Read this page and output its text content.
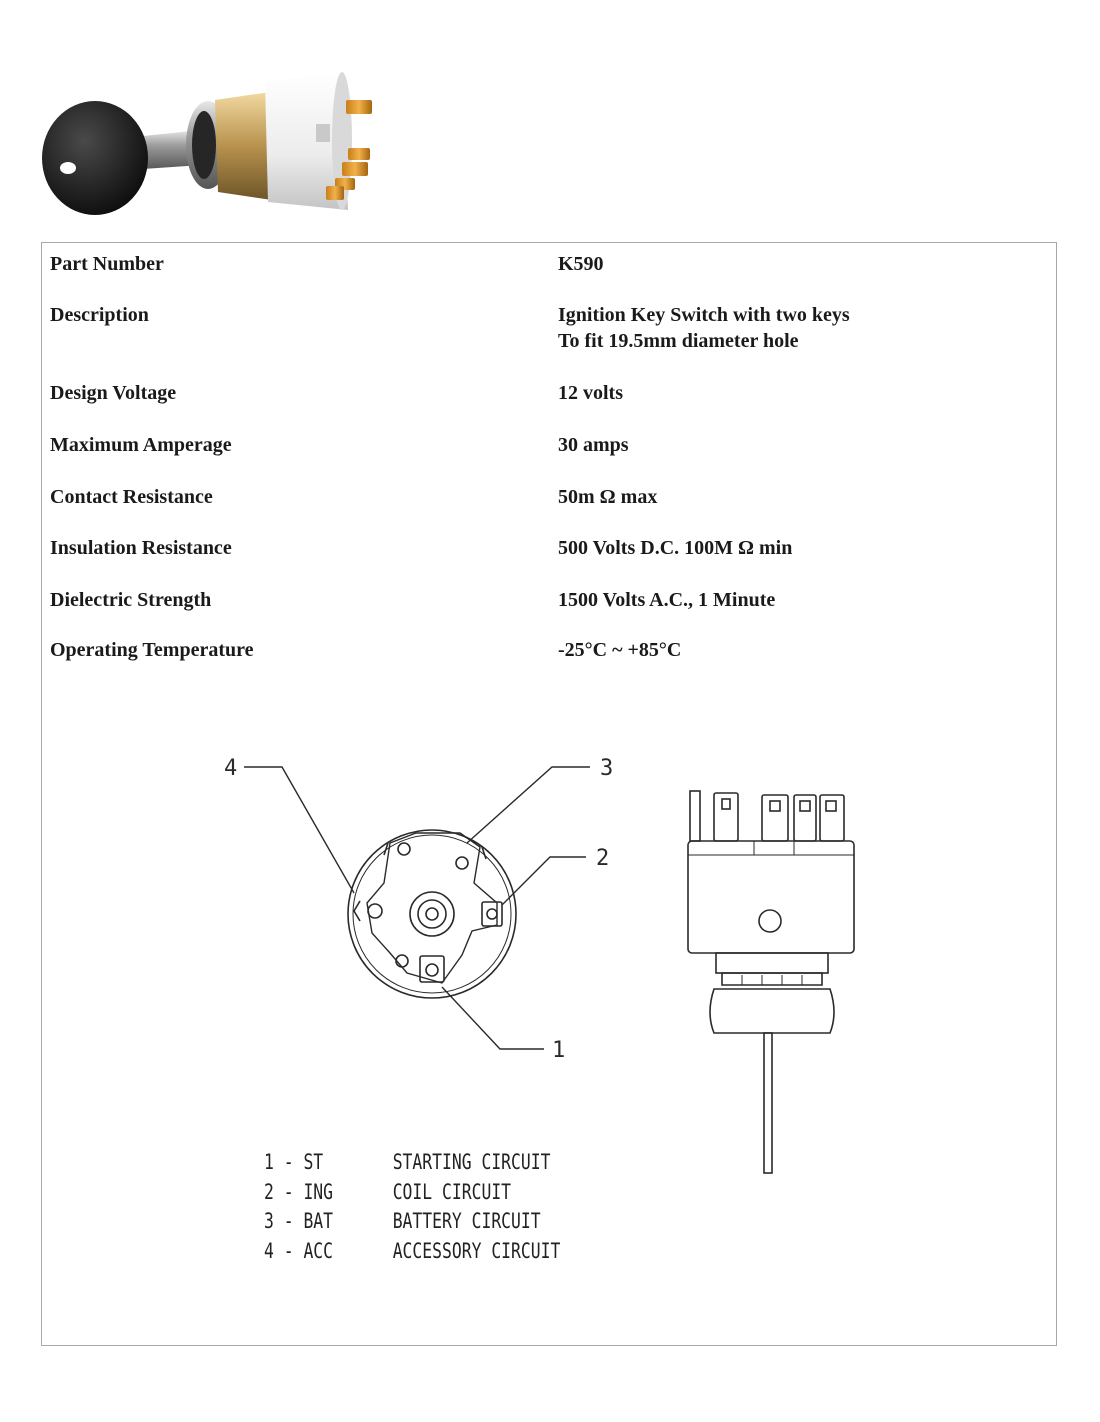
Part Number	K590
Description	Ignition Key Switch with two keys
To fit 19.5mm diameter hole
Design Voltage	12 volts
Maximum Amperage	30 amps
Contact Resistance	50m Ω max
Insulation Resistance	500 Volts D.C. 100M Ω min
Dielectric Strength	1500 Volts A.C., 1 Minute
Operating Temperature	-25°C ~ +85°C
4	3
2
1
1 - ST	STARTING CIRCUIT
2 - ING	COIL CIRCUIT
3 - BAT	BATTERY CIRCUIT
4 - ACC	ACCESSORY CIRCUIT
